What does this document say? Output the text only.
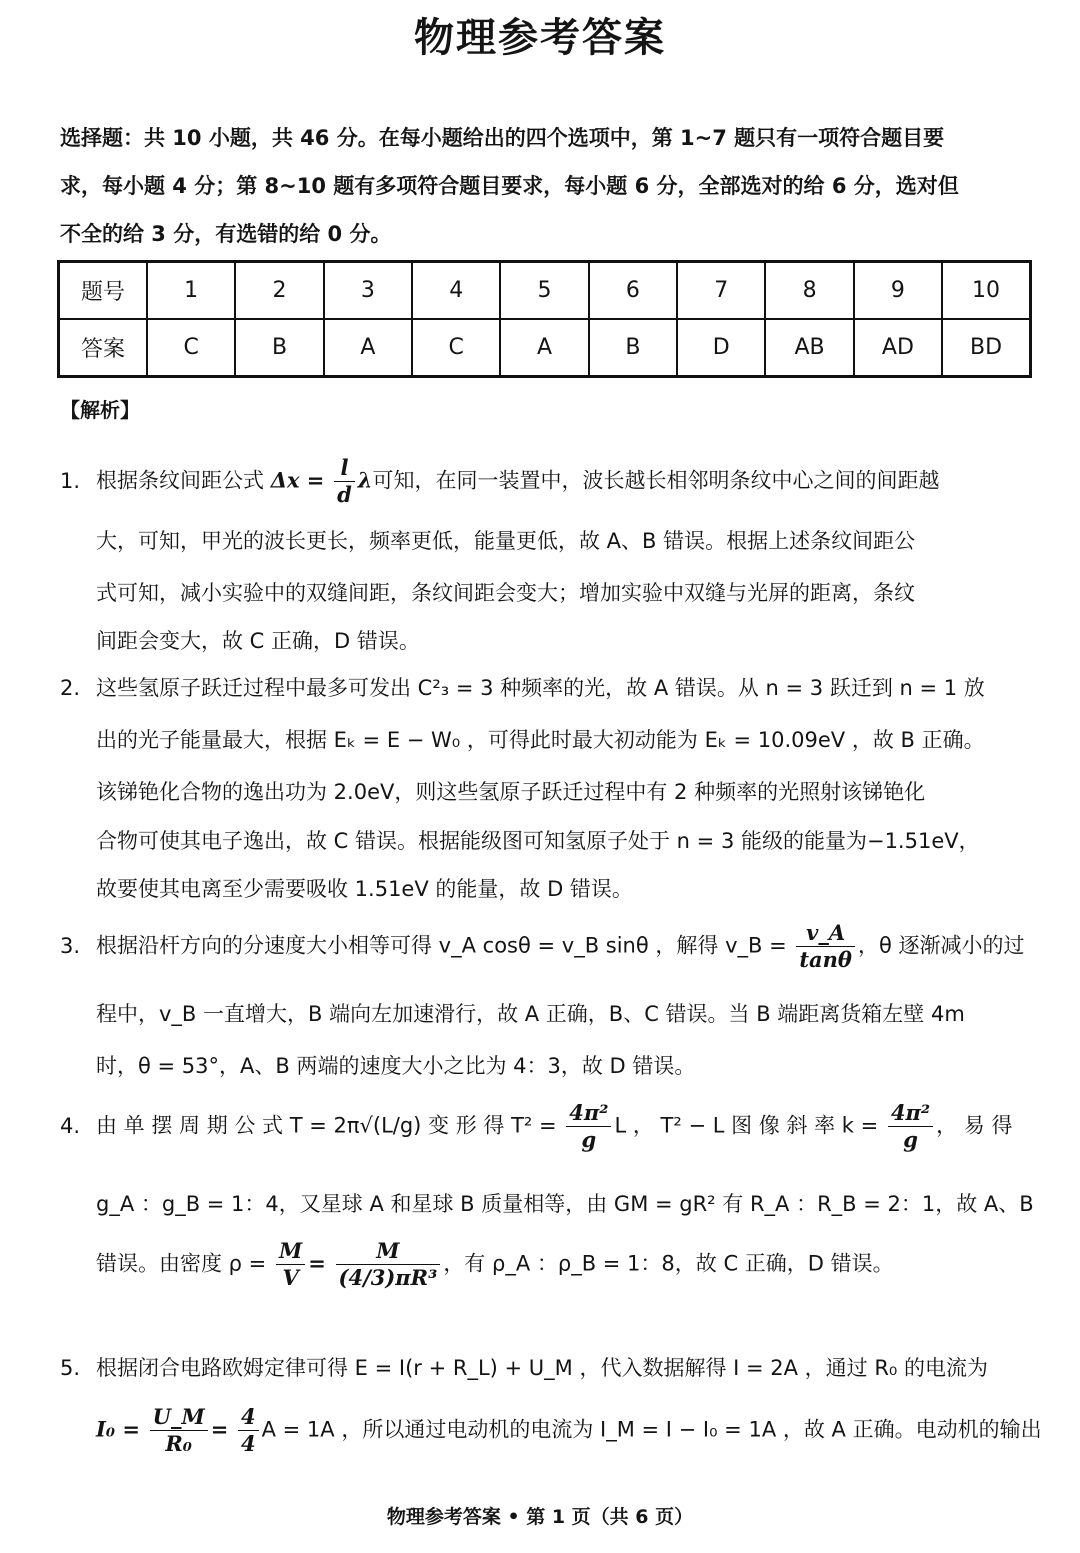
物理参考答案
选择题：共 10 小题，共 46 分。在每小题给出的四个选项中，第 1~7 题只有一项符合题目要
求，每小题 4 分；第 8~10 题有多项符合题目要求，每小题 6 分，全部选对的给 6 分，选对但
不全的给 3 分，有选错的给 0 分。
题号	1	2	3	4	5	6	7	8	9	10
答案	C	B	A	C	A	B	D	AB	AD	BD
【解析】
1. 根据条纹间距公式 $\Delta x = \frac{l}{d}$ λ可知，在同一装置中，波长越长相邻明条纹中心之间的间距越
大，可知，甲光的波长更长，频率更低，能量更低，故 A、B 错误。根据上述条纹间距公
式可知，减小实验中的双缝间距，条纹间距会变大；增加实验中双缝与光屏的距离，条纹
间距会变大，故 C 正确，D 错误。
2. 这些氢原子跃迁过程中最多可发出 C²₃ = 3 种频率的光，故 A 错误。从 n = 3 跃迁到 n = 1 放
出的光子能量最大，根据 Eₖ = E − W₀ ，可得此时最大初动能为 Eₖ = 10.09eV ，故 B 正确。
该锑铯化合物的逸出功为 2.0eV，则这些氢原子跃迁过程中有 2 种频率的光照射该锑铯化
合物可使其电子逸出，故 C 错误。根据能级图可知氢原子处于 n = 3 能级的能量为−1.51eV，
故要使其电离至少需要吸收 1.51eV 的能量，故 D 错误。
3. 根据沿杆方向的分速度大小相等可得 v_A cosθ = v_B sinθ ，解得 v_B = $\frac{v\_A}{\tan\theta}$ ，θ 逐渐减小的过
程中，v_B 一直增大，B 端向左加速滑行，故 A 正确，B、C 错误。当 B 端距离货箱左壁 4m
时，θ = 53°，A、B 两端的速度大小之比为 4：3，故 D 错误。
4. 由 单 摆 周 期 公 式 T = 2π√(L/g) 变 形 得 $T^2 = \frac{\text{4π²}}{g}$ L ， T² − L 图 像 斜 率 $k = \frac{\text{4π²}}{g}$ ， 易 得
g_A ：g_B = 1：4，又星球 A 和星球 B 质量相等，由 GM = gR² 有 R_A ：R_B = 2：1，故 A、B
错误。由密度 $\rho = \frac{M}{V} = \frac{M}{\text{(4/3)πR³}}$ ，有 ρ_A ：ρ_B = 1：8，故 C 正确，D 错误。
5. 根据闭合电路欧姆定律可得 E = I(r + R_L) + U_M ，代入数据解得 I = 2A ，通过 R₀ 的电流为
$I_0 = \frac{U\_M}{\text{R₀}} = \frac{4}{4}$ A = 1A ，所以通过电动机的电流为 I_M = I − I₀ = 1A ，故 A 正确。电动机的输出
物理参考答案 • 第 1 页（共 6 页）
